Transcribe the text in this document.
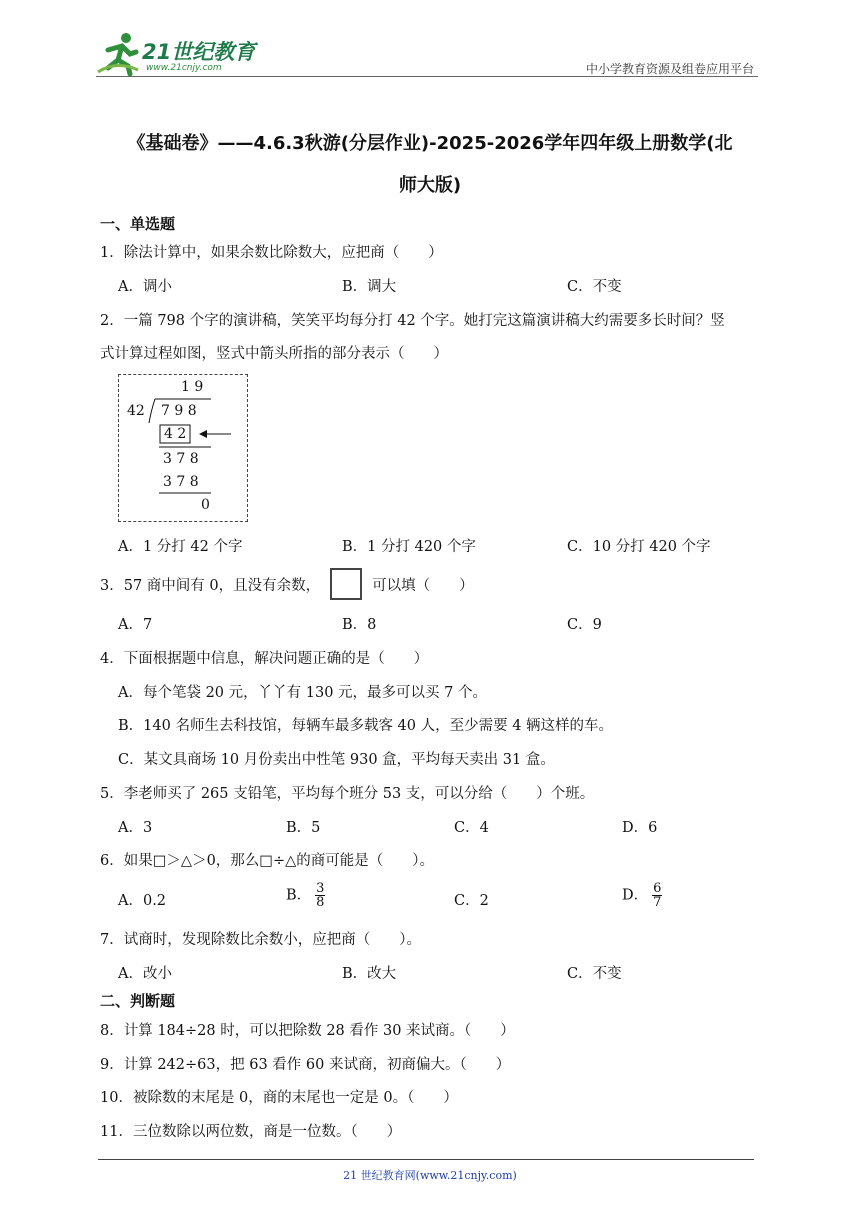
21世纪教育
www.21cnjy.com	中小学教育资源及组卷应用平台
《基础卷》——4.6.3秋游(分层作业)-2025-2026学年四年级上册数学(北
师大版)
一、单选题
1．除法计算中，如果余数比除数大，应把商（　　）
A．调小	B．调大	C．不变
2．一篇 798 个字的演讲稿，笑笑平均每分打 42 个字。她打完这篇演讲稿大约需要多长时间？竖
式计算过程如图，竖式中箭头所指的部分表示（　　）
1 9
42 7 9 8
4 2
3 7 8
3 7 8
0
A．1 分打 42 个字	B．1 分打 420 个字	C．10 分打 420 个字
3．57 商中间有 0，且没有余数，	可以填（　　）
A．7	B．8	C．9
4．下面根据题中信息，解决问题正确的是（　　）
A．每个笔袋 20 元，丫丫有 130 元，最多可以买 7 个。
B．140 名师生去科技馆，每辆车最多载客 40 人，至少需要 4 辆这样的车。
C．某文具商场 10 月份卖出中性笔 930 盒，平均每天卖出 31 盒。
5．李老师买了 265 支铅笔，平均每个班分 53 支，可以分给（　　）个班。
A．3	B．5	C．4	D．6
6．如果□＞△＞0，那么□÷△的商可能是（　　）。
A．0.2	B． $\frac{3}{8}$	C．2	D． $\frac{6}{7}$
7．试商时，发现除数比余数小，应把商（　　）。
A．改小	B．改大	C．不变
二、判断题
8．计算 184÷28 时，可以把除数 28 看作 30 来试商。（　　）
9．计算 242÷63，把 63 看作 60 来试商，初商偏大。（　　）
10．被除数的末尾是 0，商的末尾也一定是 0。（　　）
11．三位数除以两位数，商是一位数。（　　）
21 世纪教育网(www.21cnjy.com)
